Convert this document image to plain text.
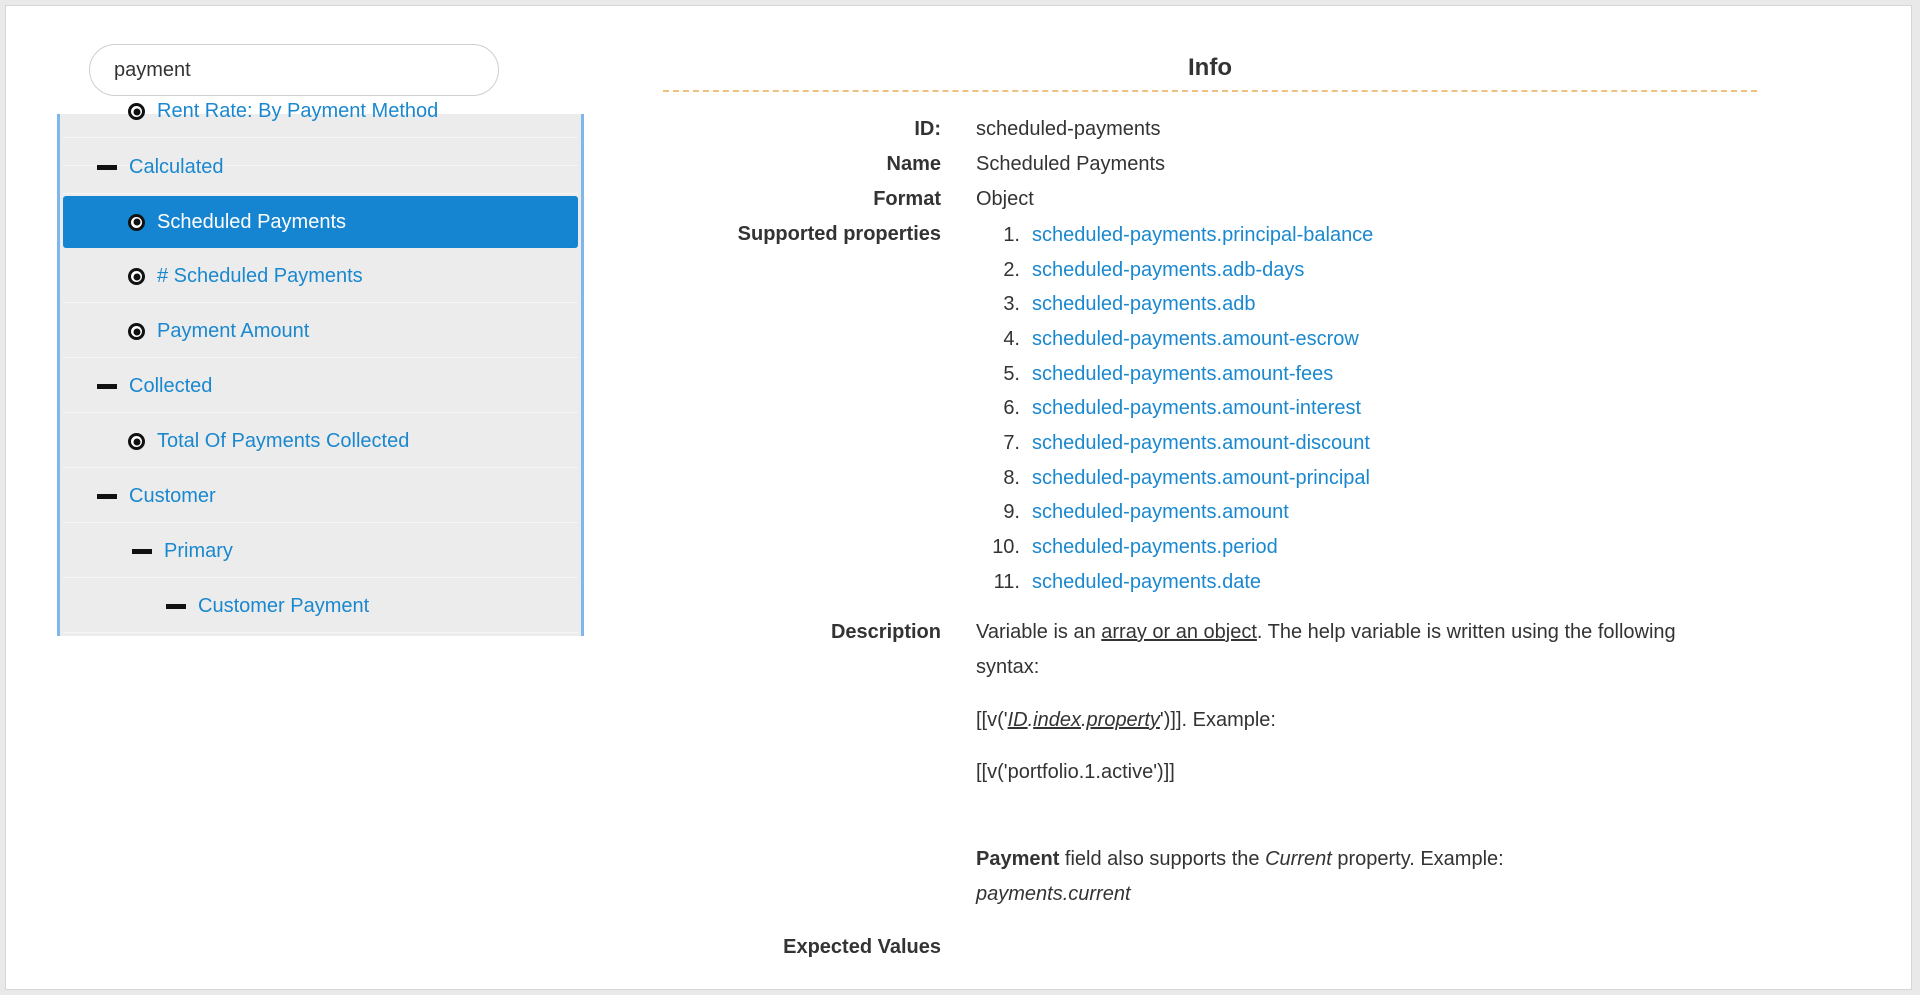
payment
Rent Rate: By Payment Method
Calculated
Scheduled Payments
# Scheduled Payments
Payment Amount
Collected
Total Of Payments Collected
Customer
Primary
Customer Payment
Info
ID: scheduled-payments
Name Scheduled Payments
Format Object
Supported properties	1. scheduled-payments.principal-balance
2. scheduled-payments.adb-days
3. scheduled-payments.adb
4. scheduled-payments.amount-escrow
5. scheduled-payments.amount-fees
6. scheduled-payments.amount-interest
7. scheduled-payments.amount-discount
8. scheduled-payments.amount-principal
9. scheduled-payments.amount
10. scheduled-payments.period
11. scheduled-payments.date
Description Variable is an array or an object. The help variable is written using the following syntax:
[[v('ID.index.property')]]. Example:
[[v('portfolio.1.active')]]
Payment field also supports the Current property. Example:
payments.current
Expected Values
